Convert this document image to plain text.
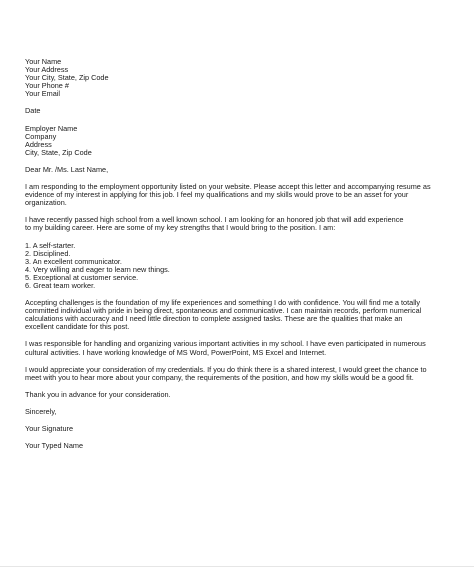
Your Name
Your Address
Your City, State, Zip Code
Your Phone #
Your Email
Date
Employer Name
Company
Address
City, State, Zip Code
Dear Mr. /Ms. Last Name,
I am responding to the employment opportunity listed on your website. Please accept this letter and accompanying resume as
evidence of my interest in applying for this job. I feel my qualifications and my skills would prove to be an asset for your
organization.
I have recently passed high school from a well known school. I am looking for an honored job that will add experience
to my building career. Here are some of my key strengths that I would bring to the position. I am:
1. A self-starter.
2. Disciplined.
3. An excellent communicator.
4. Very willing and eager to learn new things.
5. Exceptional at customer service.
6. Great team worker.
Accepting challenges is the foundation of my life experiences and something I do with confidence. You will find me a totally
committed individual with pride in being direct, spontaneous and communicative. I can maintain records, perform numerical
calculations with accuracy and I need little direction to complete assigned tasks. These are the qualities that make an
excellent candidate for this post.
I was responsible for handling and organizing various important activities in my school. I have even participated in numerous
cultural activities. I have working knowledge of MS Word, PowerPoint, MS Excel and Internet.
I would appreciate your consideration of my credentials. If you do think there is a shared interest, I would greet the chance to
meet with you to hear more about your company, the requirements of the position, and how my skills would be a good fit.
Thank you in advance for your consideration.
Sincerely,
Your Signature
Your Typed Name
